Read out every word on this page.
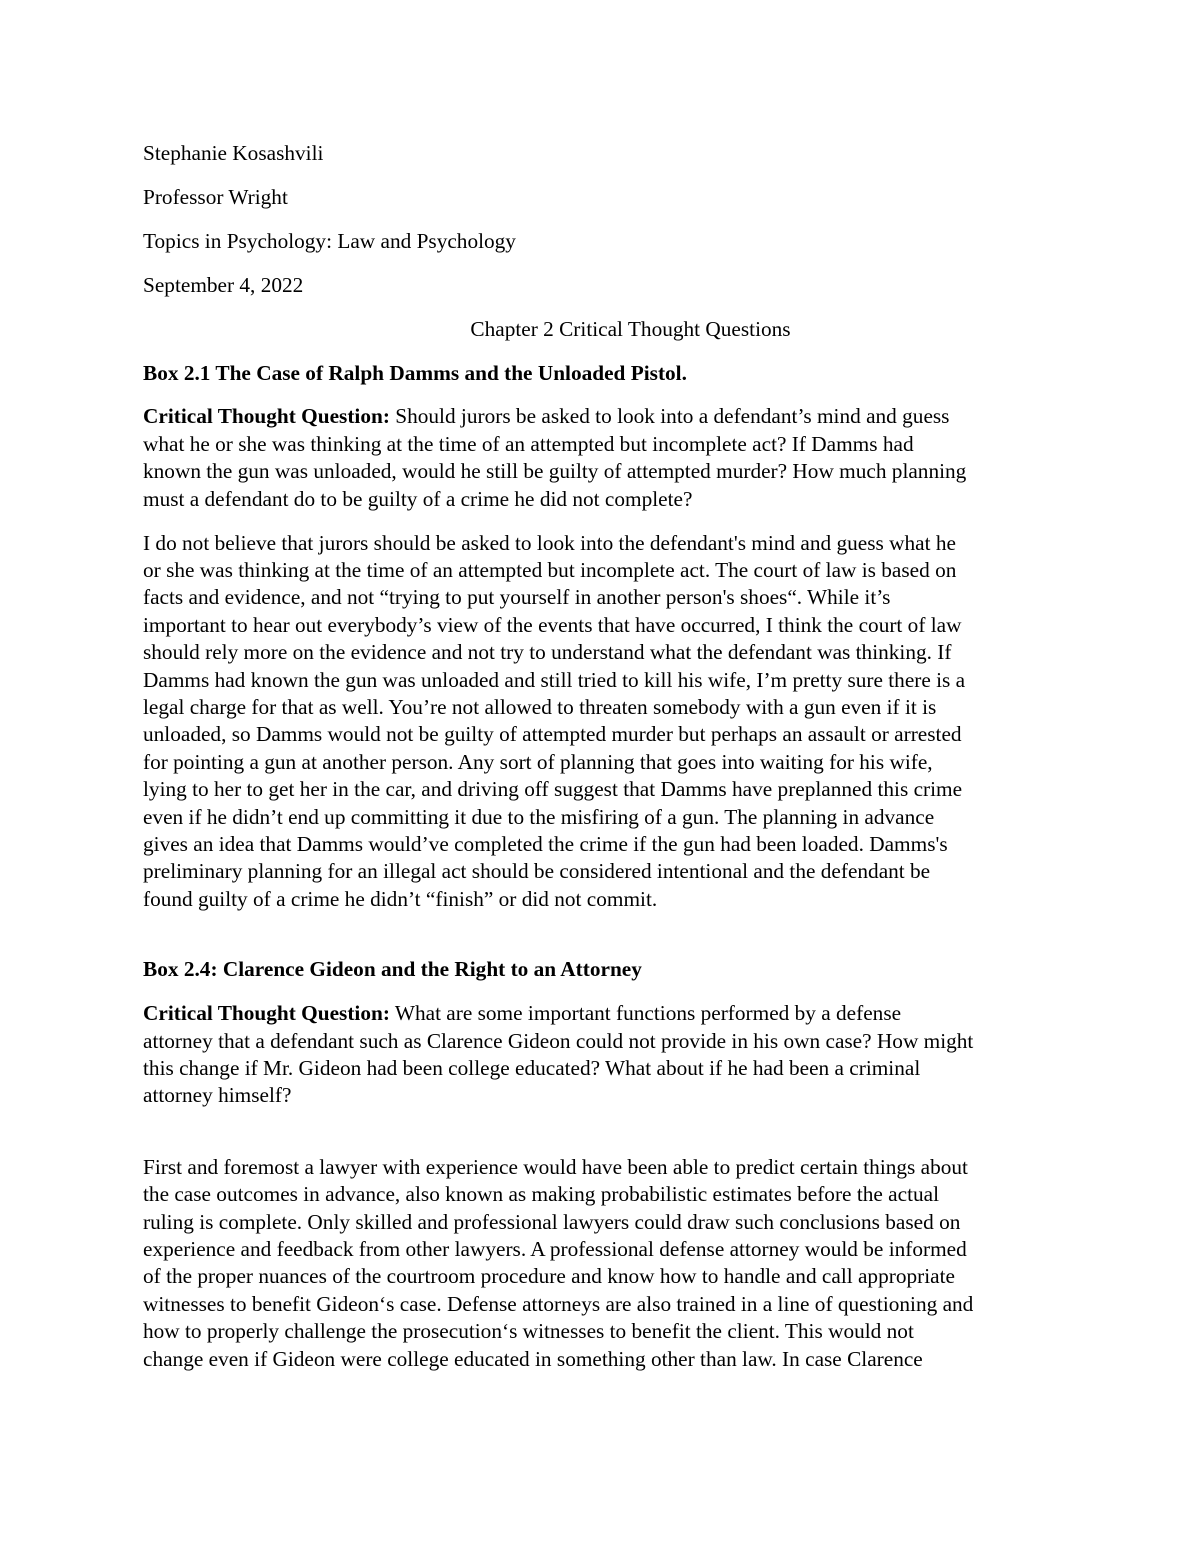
Stephanie Kosashvili

Professor Wright

Topics in Psychology: Law and Psychology

September 4, 2022

Chapter 2 Critical Thought Questions

Box 2.1 The Case of Ralph Damms and the Unloaded Pistol.

Critical Thought Question: Should jurors be asked to look into a defendant’s mind and guess

what he or she was thinking at the time of an attempted but incomplete act? If Damms had

known the gun was unloaded, would he still be guilty of attempted murder? How much planning

must a defendant do to be guilty of a crime he did not complete?

I do not believe that jurors should be asked to look into the defendant's mind and guess what he

or she was thinking at the time of an attempted but incomplete act. The court of law is based on

facts and evidence, and not “trying to put yourself in another person's shoes“. While it’s

important to hear out everybody’s view of the events that have occurred, I think the court of law

should rely more on the evidence and not try to understand what the defendant was thinking. If

Damms had known the gun was unloaded and still tried to kill his wife, I’m pretty sure there is a

legal charge for that as well. You’re not allowed to threaten somebody with a gun even if it is

unloaded, so Damms would not be guilty of attempted murder but perhaps an assault or arrested

for pointing a gun at another person. Any sort of planning that goes into waiting for his wife,

lying to her to get her in the car, and driving off suggest that Damms have preplanned this crime

even if he didn’t end up committing it due to the misfiring of a gun. The planning in advance

gives an idea that Damms would’ve completed the crime if the gun had been loaded. Damms's

preliminary planning for an illegal act should be considered intentional and the defendant be

found guilty of a crime he didn’t “finish” or did not commit.

Box 2.4: Clarence Gideon and the Right to an Attorney

Critical Thought Question: What are some important functions performed by a defense

attorney that a defendant such as Clarence Gideon could not provide in his own case? How might

this change if Mr. Gideon had been college educated? What about if he had been a criminal

attorney himself?

First and foremost a lawyer with experience would have been able to predict certain things about

the case outcomes in advance, also known as making probabilistic estimates before the actual

ruling is complete. Only skilled and professional lawyers could draw such conclusions based on

experience and feedback from other lawyers. A professional defense attorney would be informed

of the proper nuances of the courtroom procedure and know how to handle and call appropriate

witnesses to benefit Gideon‘s case. Defense attorneys are also trained in a line of questioning and

how to properly challenge the prosecution‘s witnesses to benefit the client. This would not

change even if Gideon were college educated in something other than law. In case Clarence
